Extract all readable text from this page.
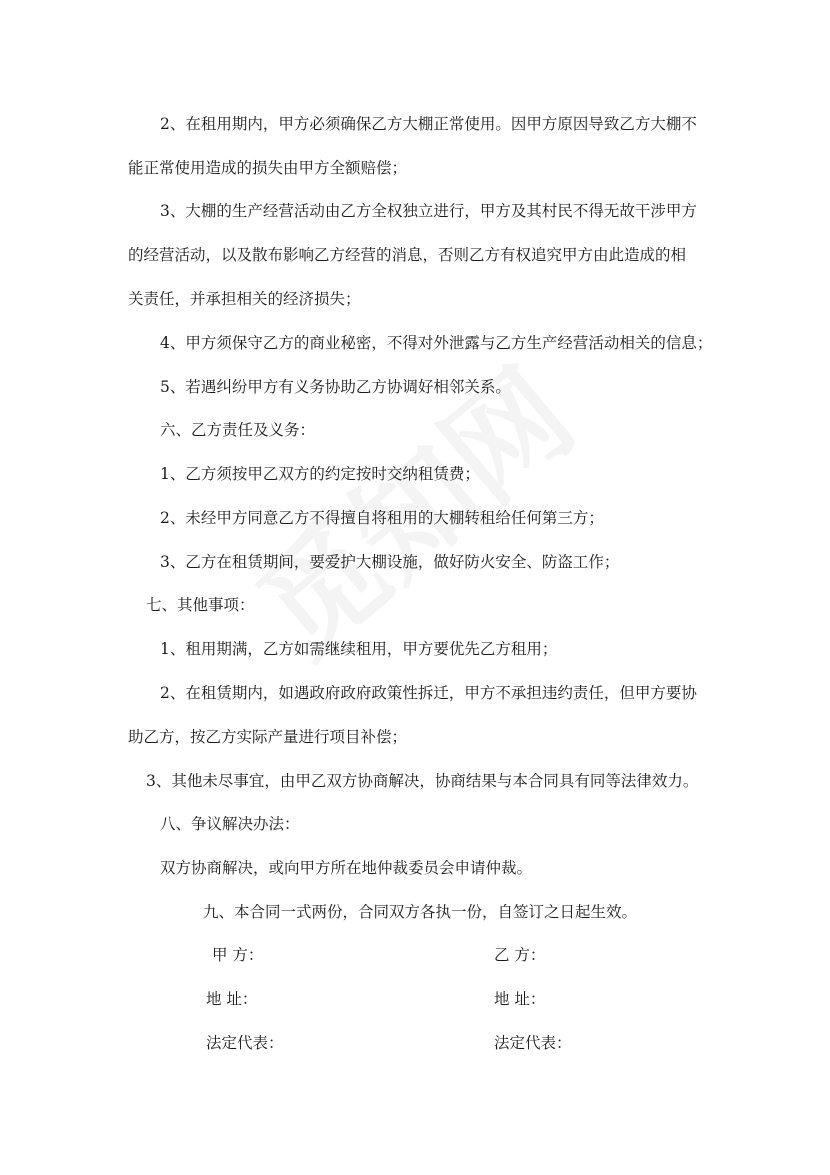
2、在租用期内，甲方必须确保乙方大棚正常使用。因甲方原因导致乙方大棚不

能正常使用造成的损失由甲方全额赔偿；

3、大棚的生产经营活动由乙方全权独立进行，甲方及其村民不得无故干涉甲方

的经营活动，以及散布影响乙方经营的消息，否则乙方有权追究甲方由此造成的相

关责任，并承担相关的经济损失；

4、甲方须保守乙方的商业秘密，不得对外泄露与乙方生产经营活动相关的信息；

5、若遇纠纷甲方有义务协助乙方协调好相邻关系。

六、乙方责任及义务：

1、乙方须按甲乙双方的约定按时交纳租赁费；

2、未经甲方同意乙方不得擅自将租用的大棚转租给任何第三方；

3、乙方在租赁期间，要爱护大棚设施，做好防火安全、防盗工作；

七、其他事项：

1、租用期满，乙方如需继续租用，甲方要优先乙方租用；

2、在租赁期内，如遇政府政府政策性拆迁，甲方不承担违约责任，但甲方要协

助乙方，按乙方实际产量进行项目补偿；

3、其他未尽事宜，由甲乙双方协商解决，协商结果与本合同具有同等法律效力。

八、争议解决办法：

双方协商解决，或向甲方所在地仲裁委员会申请仲裁。

九、本合同一式两份，合同双方各执一份，自签订之日起生效。

甲 方：	乙 方：

地 址：	地 址：

法定代表：	法定代表：
